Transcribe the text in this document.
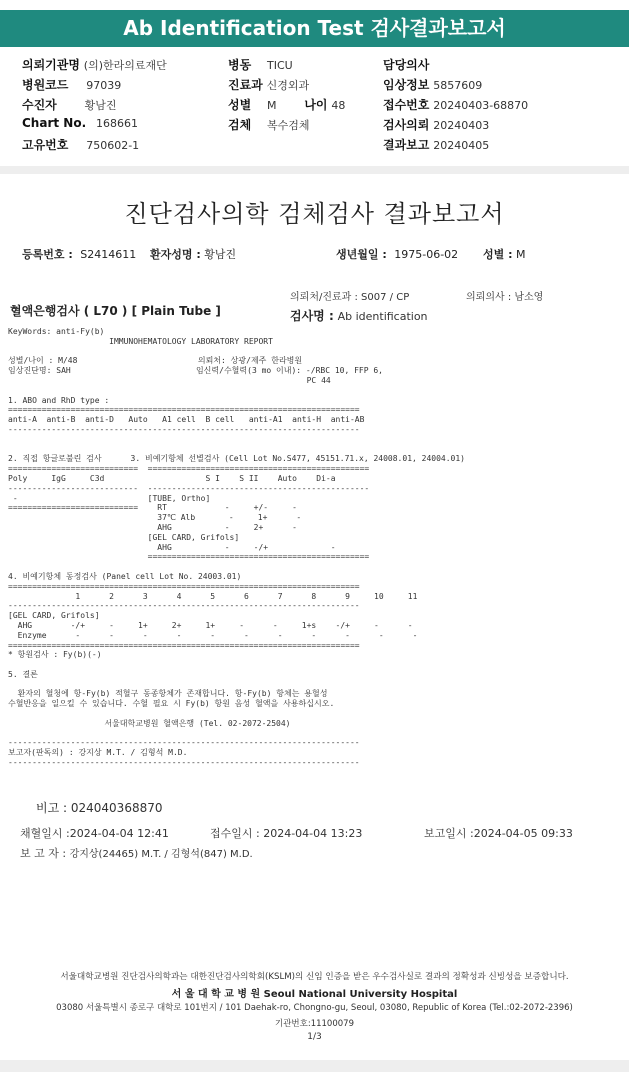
Ab Identification Test 검사결과보고서
의뢰기관명 (의)한라의료재단
병원코드 97039
수진자	황남진
Chart No. 168661
고유번호 750602-1
병동 TICU
진료과 신경외과
성별 M 나이 48
검체 복수검체
담당의사
임상정보 5857609
접수번호 20240403-68870
검사의뢰 20240403
결과보고 20240405
진단검사의학 검체검사 결과보고서
등록번호 : S2414611 환자성명 : 황남진	생년월일 : 1975-06-02 성별 : M
의뢰처/진료과 : S007 / CP	의뢰의사 : 남소영
혈액은행검사 ( L70 ) [ Plain Tube ]	검사명 : Ab identification
KeyWords: anti-Fy(b)
IMMUNOHEMATOLOGY LABORATORY REPORT
성별/나이 : M/48                         의뢰처: 상광/제주 한라병원
임상진단명: SAH                          임신력/수혈력(3 mo 이내): -/RBC 10, FFP 6,
PC 44
1. ABO and RhD type :
=========================================================================
anti-A  anti-B  anti-D   Auto   A1 cell  B cell   anti-A1  anti-H  anti-AB
-------------------------------------------------------------------------
2. 직접 항글로불린 검사      3. 비예기항체 선별검사 (Cell Lot No.S477, 45151.71.x, 24008.01, 24004.01)
===========================  ==============================================
Poly     IgG     C3d                     S I    S II    Auto    Di-a
---------------------------  ----------------------------------------------
-                           [TUBE, Ortho]
===========================    RT            -     +/-     -
37℃ Alb       -     1+      -
AHG           -     2+      -
[GEL CARD, Grifols]
AHG           -     -/+             -
==============================================
4. 비예기항체 동정검사 (Panel cell Lot No. 24003.01)
=========================================================================
1      2      3      4      5      6      7      8      9     10     11
-------------------------------------------------------------------------
[GEL CARD, Grifols]
AHG        -/+     -     1+     2+     1+     -      -     1+s    -/+     -      -
Enzyme      -      -      -      -      -      -      -      -      -      -      -
=========================================================================
* 항원검사 : Fy(b)(-)
5. 결론
환자의 혈청에 항-Fy(b) 적혈구 동종항체가 존재합니다. 항-Fy(b) 항체는 용혈성
수혈반응을 일으킬 수 있습니다. 수혈 필요 시 Fy(b) 항원 음성 혈액을 사용하십시오.
서울대학교병원 혈액은행 (Tel. 02-2072-2504)
-------------------------------------------------------------------------
보고자(판독의) : 강지상 M.T. / 김형석 M.D.
-------------------------------------------------------------------------
비고 : 024040368870
채혈일시 :2024-04-04 12:41	접수일시 : 2024-04-04 13:23	보고일시 :2024-04-05 09:33
보 고 자 : 강지상(24465) M.T. / 김형석(847) M.D.
서울대학교병원 진단검사의학과는 대한진단검사의학회(KSLM)의 신임 인증을 받은 우수검사실로 결과의 정확성과 신빙성을 보증합니다.
서 울 대 학 교 병 원 Seoul National University Hospital
03080 서울특별시 종로구 대학로 101번지 / 101 Daehak-ro, Chongno-gu, Seoul, 03080, Republic of Korea (Tel.:02-2072-2396)
기관번호:11100079
1/3
